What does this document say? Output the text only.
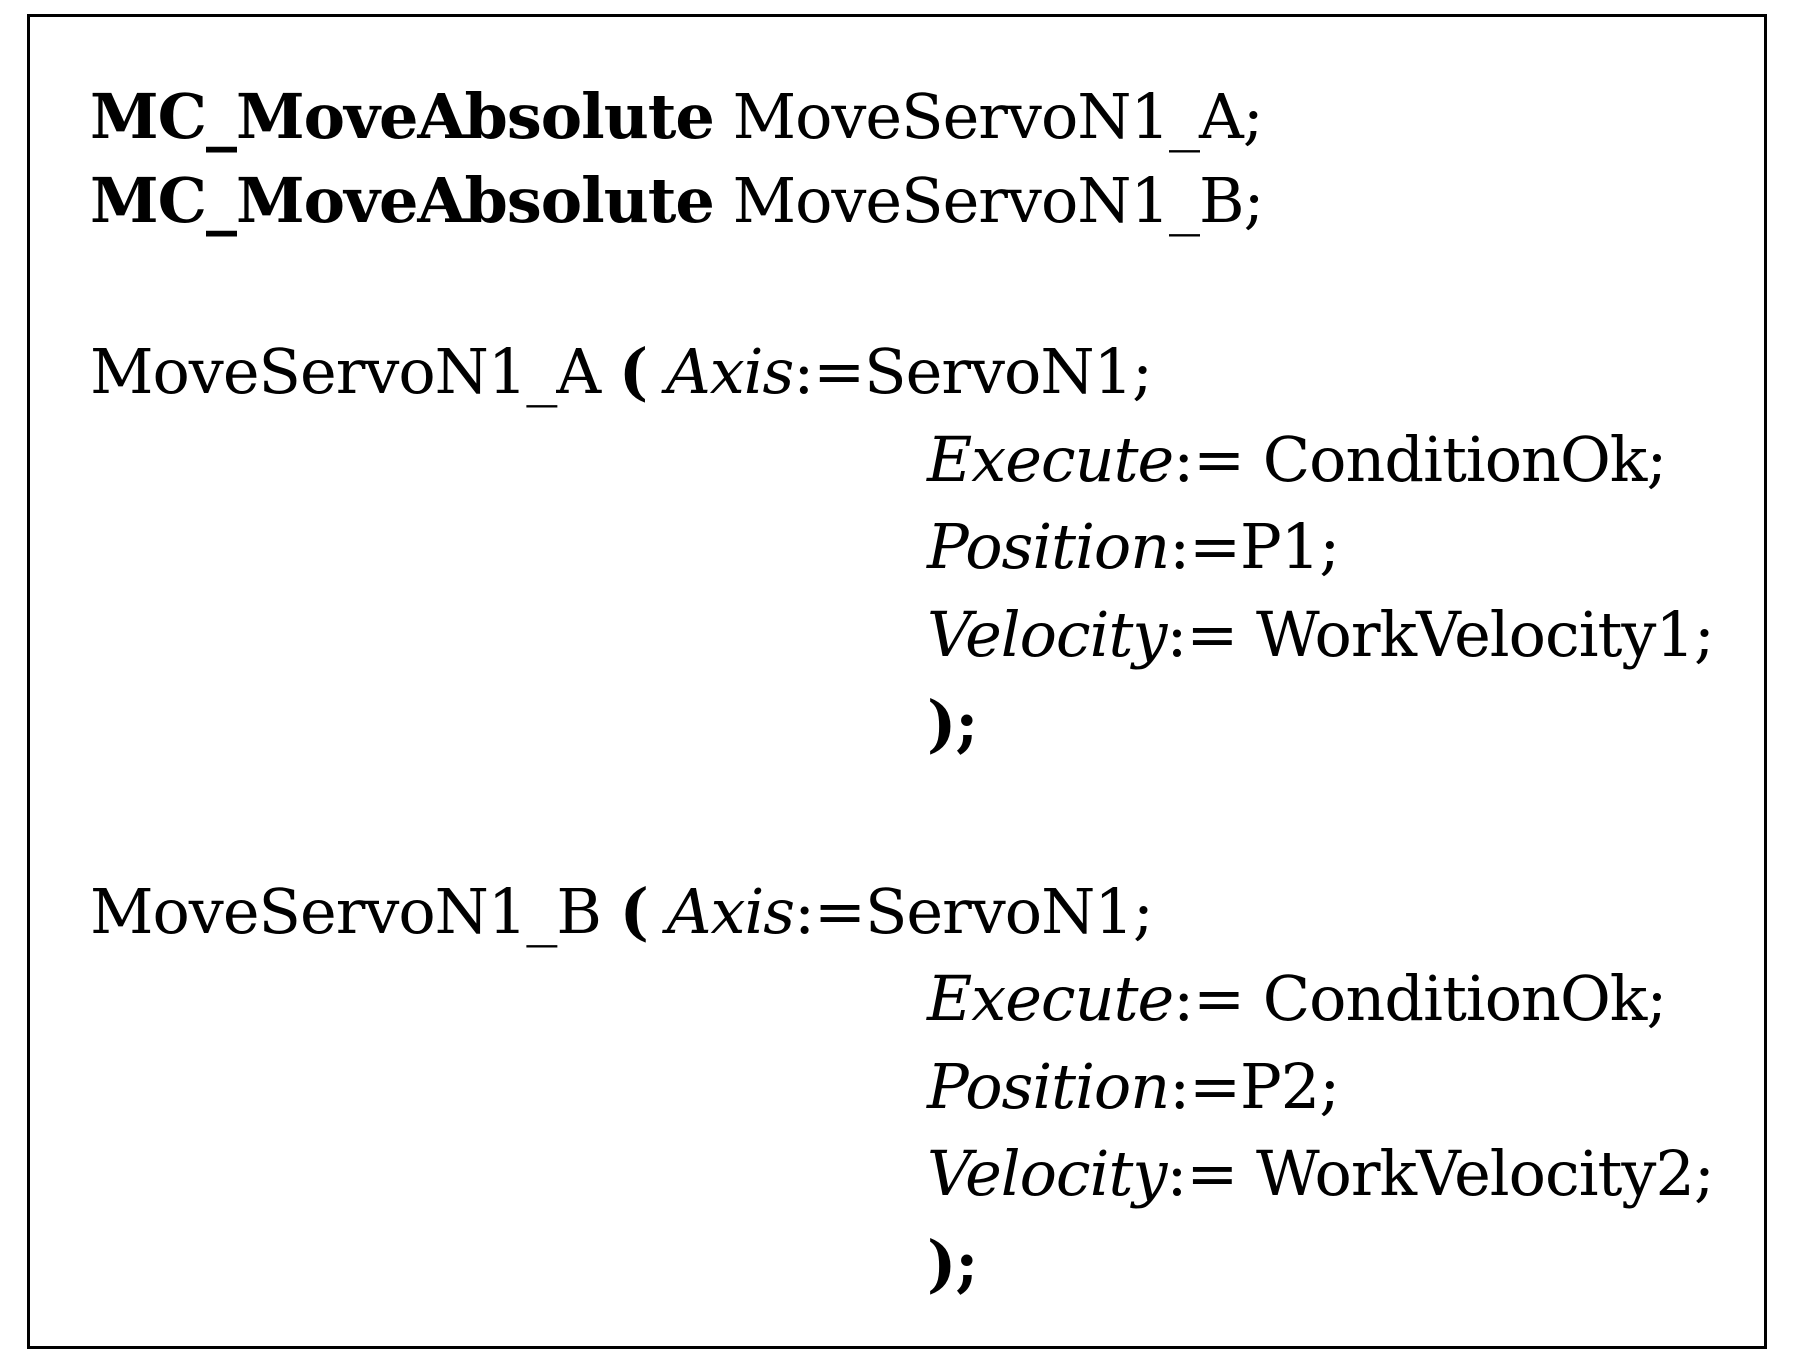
MC_MoveAbsolute MoveServoN1_A;
MC_MoveAbsolute MoveServoN1_B;
MoveServoN1_A ( Axis:=ServoN1;
Execute:= ConditionOk;
Position:=P1;
Velocity:= WorkVelocity1;
);
MoveServoN1_B ( Axis:=ServoN1;
Execute:= ConditionOk;
Position:=P2;
Velocity:= WorkVelocity2;
);
